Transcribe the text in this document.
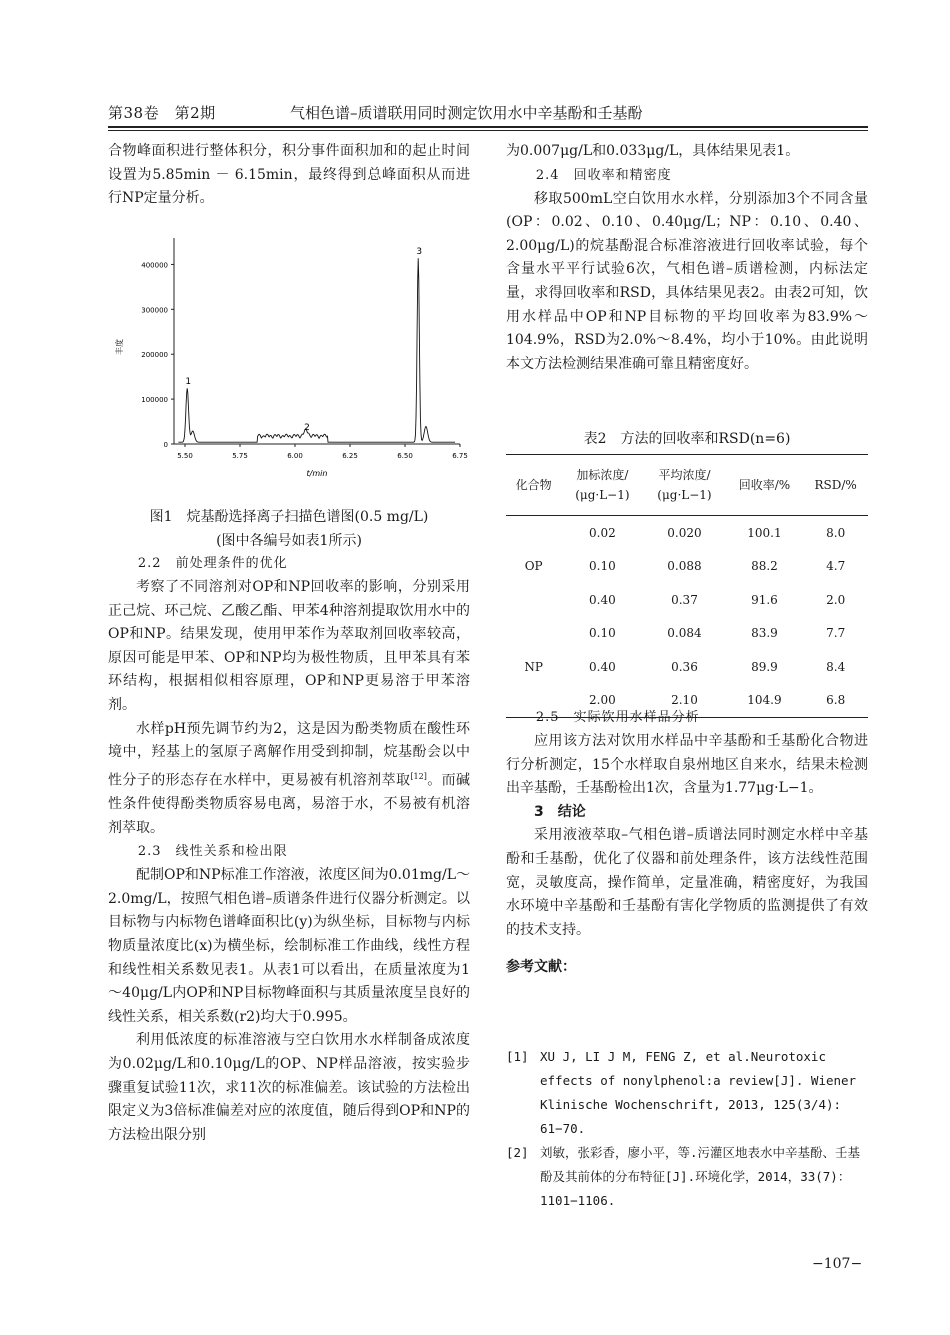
第38卷　第2期	气相色谱–质谱联用同时测定饮用水中辛基酚和壬基酚

合物峰面积进行整体积分，积分事件面积加和的起止时间设置为5.85min － 6.15min，最终得到总峰面积从而进行NP定量分析。

0
100000
200000
300000
400000
5.50	5.75	6.00	6.25	6.50	6.75
1
2
3
t/min
丰度
图1　烷基酚选择离子扫描色谱图(0.5 mg/L)
(图中各编号如表1所示)

2.2　前处理条件的优化

考察了不同溶剂对OP和NP回收率的影响，分别采用正己烷、环己烷、乙酸乙酯、甲苯4种溶剂提取饮用水中的OP和NP。结果发现，使用甲苯作为萃取剂回收率较高，原因可能是甲苯、OP和NP均为极性物质，且甲苯具有苯环结构，根据相似相容原理，OP和NP更易溶于甲苯溶剂。

水样pH预先调节约为2，这是因为酚类物质在酸性环境中，羟基上的氢原子离解作用受到抑制，烷基酚会以中性分子的形态存在水样中，更易被有机溶剂萃取[12]。而碱性条件使得酚类物质容易电离，易溶于水，不易被有机溶剂萃取。

2.3　线性关系和检出限

配制OP和NP标准工作溶液，浓度区间为0.01mg/L～2.0mg/L，按照气相色谱–质谱条件进行仪器分析测定。以目标物与内标物色谱峰面积比(y)为纵坐标，目标物与内标物质量浓度比(x)为横坐标，绘制标准工作曲线，线性方程和线性相关系数见表1。从表1可以看出，在质量浓度为1～40μg/L内OP和NP目标物峰面积与其质量浓度呈良好的线性关系，相关系数(r2)均大于0.995。

利用低浓度的标准溶液与空白饮用水水样制备成浓度为0.02μg/L和0.10μg/L的OP、NP样品溶液，按实验步骤重复试验11次，求11次的标准偏差。该试验的方法检出限定义为3倍标准偏差对应的浓度值，随后得到OP和NP的方法检出限分别

为0.007μg/L和0.033μg/L，具体结果见表1。

2.4　回收率和精密度

移取500mL空白饮用水水样，分别添加3个不同含量(OP：0.02、0.10、0.40μg/L；NP：0.10、0.40、2.00μg/L)的烷基酚混合标准溶液进行回收率试验，每个含量水平平行试验6次，气相色谱–质谱检测，内标法定量，求得回收率和RSD，具体结果见表2。由表2可知，饮用水样品中OP和NP目标物的平均回收率为83.9%～104.9%，RSD为2.0%～8.4%，均小于10%。由此说明本文方法检测结果准确可靠且精密度好。

表2　方法的回收率和RSD(n=6)
化合物	加标浓度/
(μg·L−1)	平均浓度/
(μg·L−1)	回收率/%	RSD/%
OP	0.02	0.020	100.1	8.0
	0.10	0.088	88.2	4.7
	0.40	0.37	91.6	2.0
NP	0.10	0.084	83.9	7.7
	0.40	0.36	89.9	8.4
	2.00	2.10	104.9	6.8

2.5　实际饮用水样品分析

应用该方法对饮用水样品中辛基酚和壬基酚化合物进行分析测定，15个水样取自泉州地区自来水，结果未检测出辛基酚，壬基酚检出1次，含量为1.77μg·L−1。

3　结论

采用液液萃取–气相色谱–质谱法同时测定水样中辛基酚和壬基酚，优化了仪器和前处理条件，该方法线性范围宽，灵敏度高，操作简单，定量准确，精密度好，为我国水环境中辛基酚和壬基酚有害化学物质的监测提供了有效的技术支持。

参考文献：

[1] XU J, LI J M, FENG Z, et al.Neurotoxic effects of nonylphenol:a review[J]. Wiener Klinische Wochenschrift, 2013, 125(3/4): 61−70.
[2] 刘敏，张彩香，廖小平，等.污灌区地表水中辛基酚、壬基酚及其前体的分布特征[J].环境化学，2014，33(7)：1101−1106.
−107−
